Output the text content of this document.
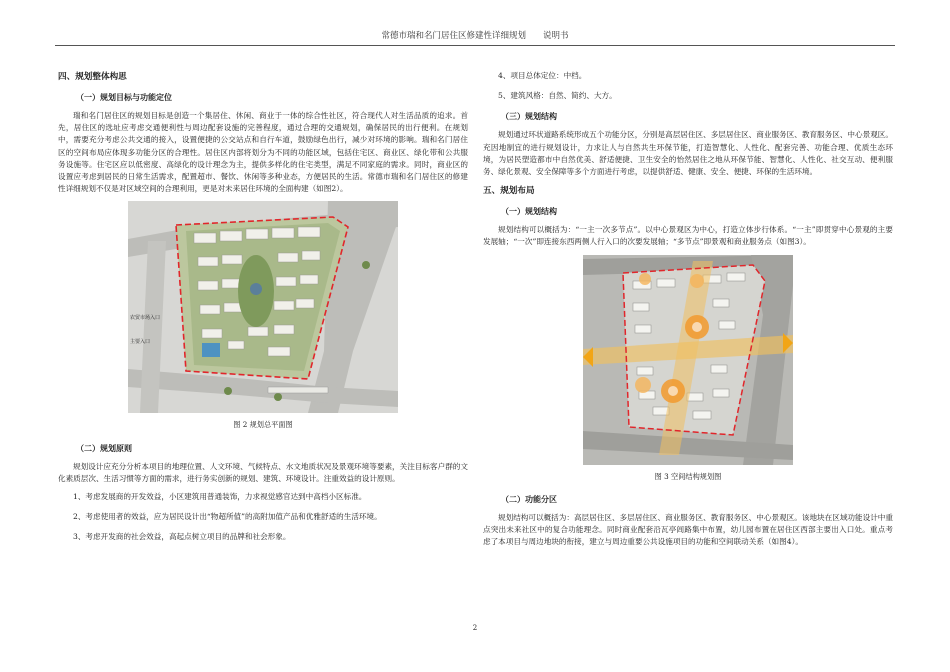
常德市瑞和名门居住区修建性详细规划　　说明书
四、规划整体构思
（一）规划目标与功能定位

瑞和名门居住区的规划目标是创造一个集居住、休闲、商业于一体的综合性社区，符合现代人对生活品质的追求。首先，居住区的选址应考虑交通便利性与周边配套设施的完善程度，通过合理的交通规划，确保居民的出行便利。在规划中，需要充分考虑公共交通的接入，设置便捷的公交站点和自行车道，鼓励绿色出行，减少对环境的影响。瑞和名门居住区的空间布局应体现多功能分区的合理性。居住区内部将划分为不同的功能区域，包括住宅区、商业区、绿化带和公共服务设施等。住宅区应以低密度、高绿化的设计理念为主，提供多样化的住宅类型，满足不同家庭的需求。同时，商业区的设置应考虑到居民的日常生活需求，配置超市、餐饮、休闲等多种业态，方便居民的生活。常德市瑞和名门居住区的修建性详细规划不仅是对区域空间的合理利用，更是对未来居住环境的全面构建（如图2）。

农贸市场入口
主要入口
图 2 规划总平面图
（二）规划原则

规划设计应充分分析本项目的地理位置、人文环境、气候特点、水文地质状况及景观环境等要素，关注目标客户群的文化素质层次、生活习惯等方面的需求，进行务实创新的规划、建筑、环境设计。注重效益的设计原则。

1、考虑发展商的开发效益，小区建筑用普通装饰，力求视觉感官达到中高档小区标准。
2、考虑使用者的效益，应为居民设计出“物超所值”的高附加值产品和优雅舒适的生活环境。
3、考虑开发商的社会效益，高起点树立项目的品牌和社会形象。
4、项目总体定位：中档。
5、建筑风格：自然、简约、大方。
（三）规划结构

规划通过环状道路系统形成五个功能分区，分别是高层居住区、多层居住区、商业服务区、教育服务区、中心景观区。充因地制宜的进行规划设计，力求让人与自然共生环保节能，打造智慧化、人性化、配套完善、功能合理、优质生态环境，为居民塑造都市中自然优美、舒适便捷、卫生安全的怡然居住之地从环保节能、智慧化、人性化、社交互动、便利服务、绿化景观、安全保障等多个方面进行考虑，以提供舒适、健康、安全、便捷、环保的生活环境。

五、规划布局
（一）规划结构

规划结构可以概括为：“一主一次多节点”。以中心景观区为中心，打造立体步行体系。“一主”即贯穿中心景观的主要发展轴；“一次”即连接东西两侧人行入口的次要发展轴；“多节点”即景观和商业服务点（如图3）。

图 3 空间结构规划图
（二）功能分区

规划结构可以概括为：高层居住区、多层居住区、商业服务区、教育服务区、中心景观区。该地块在区域功能设计中重点突出未来社区中的复合功能理念。同时商业配套沿瓦亭闾路集中布置，幼儿园布置在居住区西部主要出入口处。重点考虑了本项目与周边地块的衔接，建立与周边重要公共设施项目的功能和空间联动关系（如图4）。

2
